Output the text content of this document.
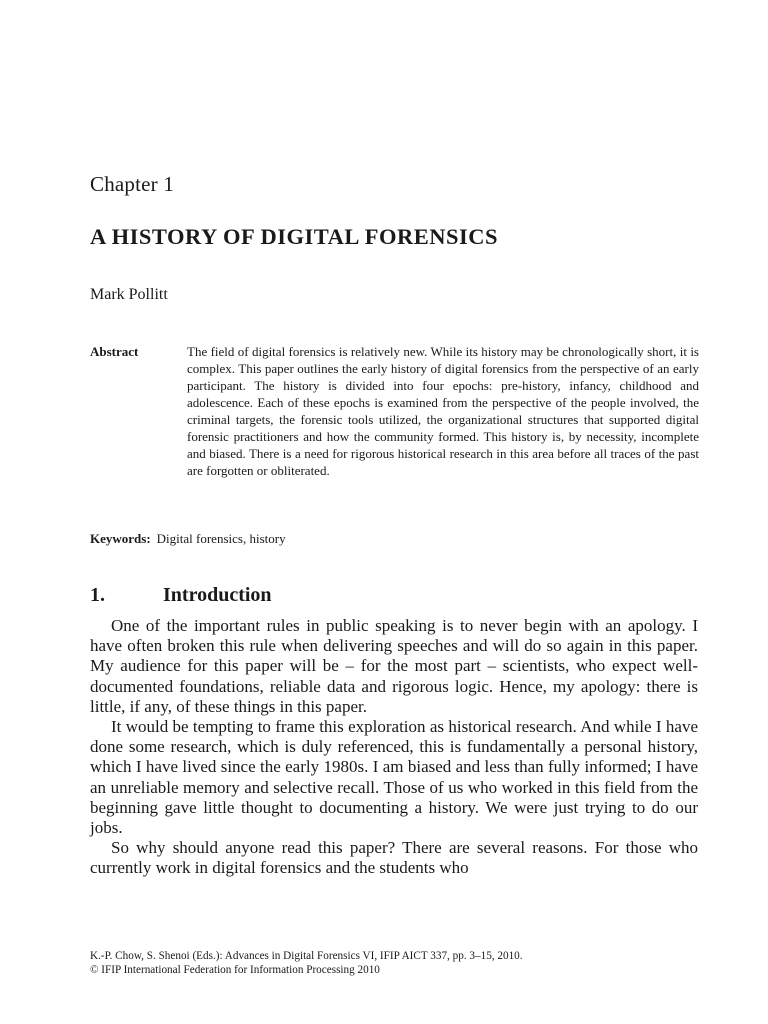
Chapter 1
A HISTORY OF DIGITAL FORENSICS
Mark Pollitt
Abstract	The field of digital forensics is relatively new. While its history may be chronologically short, it is complex. This paper outlines the early history of digital forensics from the perspective of an early participant. The history is divided into four epochs: pre-history, infancy, childhood and adolescence. Each of these epochs is examined from the perspective of the people involved, the criminal targets, the forensic tools utilized, the organizational structures that supported digital forensic practitioners and how the community formed. This history is, by necessity, incomplete and biased. There is a need for rigorous historical research in this area before all traces of the past are forgotten or obliterated.
Keywords: Digital forensics, history
1.	Introduction

One of the important rules in public speaking is to never begin with an apology. I have often broken this rule when delivering speeches and will do so again in this paper. My audience for this paper will be – for the most part – scientists, who expect well-documented foundations, reliable data and rigorous logic. Hence, my apology: there is little, if any, of these things in this paper.

It would be tempting to frame this exploration as historical research. And while I have done some research, which is duly referenced, this is fundamentally a personal history, which I have lived since the early 1980s. I am biased and less than fully informed; I have an unreliable memory and selective recall. Those of us who worked in this field from the beginning gave little thought to documenting a history. We were just trying to do our jobs.

So why should anyone read this paper? There are several reasons. For those who currently work in digital forensics and the students who

K.-P. Chow, S. Shenoi (Eds.): Advances in Digital Forensics VI, IFIP AICT 337, pp. 3–15, 2010.
© IFIP International Federation for Information Processing 2010
